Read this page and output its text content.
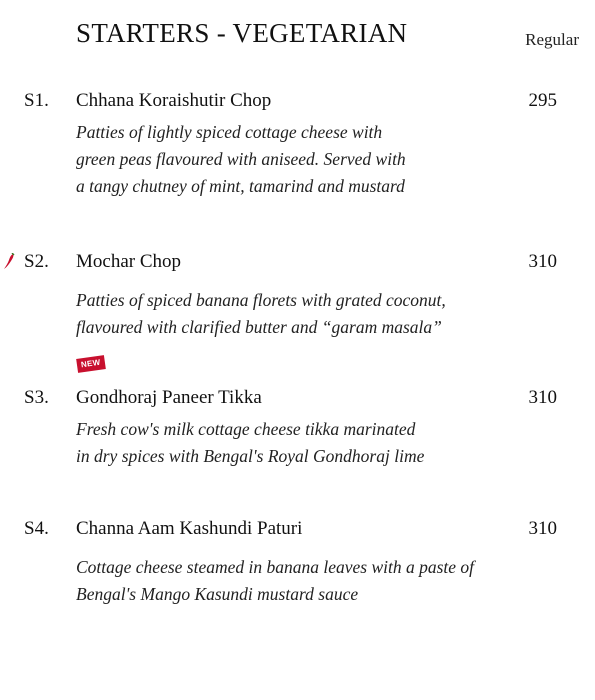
STARTERS - VEGETARIAN	Regular
S1. Chhana Koraishutir Chop	295
Patties of lightly spiced cottage cheese with
green peas flavoured with aniseed. Served with
a tangy chutney of mint, tamarind and mustard
S2. Mochar Chop	310
Patties of spiced banana florets with grated coconut,
flavoured with clarified butter and “garam masala”
NEW
S3. Gondhoraj Paneer Tikka	310
Fresh cow's milk cottage cheese tikka marinated
in dry spices with Bengal's Royal Gondhoraj lime
S4. Channa Aam Kashundi Paturi	310
Cottage cheese steamed in banana leaves with a paste of
Bengal's Mango Kasundi mustard sauce
